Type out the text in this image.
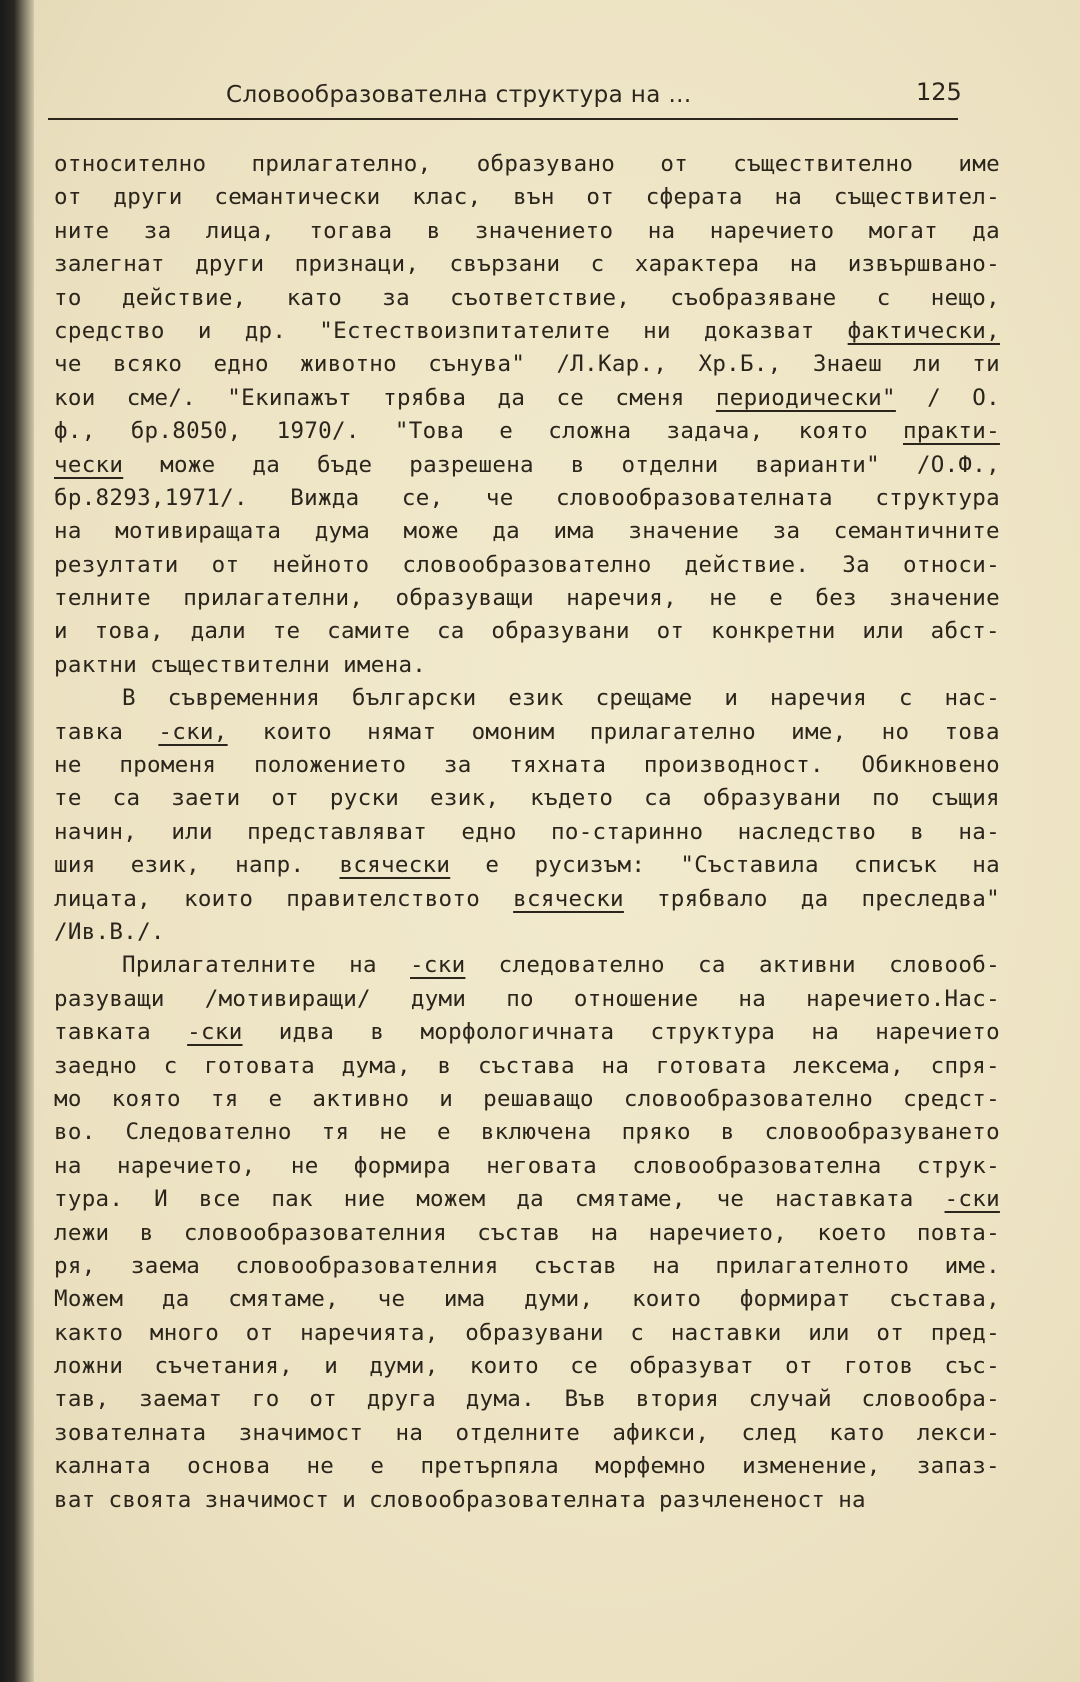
Словообразователна структура на ...	125
относително прилагателно, образувано от съществително име
от други семантически клас, вън от сферата на съществител-
ните за лица, тогава в значението на наречието могат да
залегнат други признаци, свързани с характера на извършвано-
то действие, като за съответствие, съобразяване с нещо,
средство и др. "Естествоизпитателите ни доказват фактически,
че всяко едно животно сънува" /Л.Кар., Хр.Б., Знаеш ли ти
кои сме/. "Екипажът трябва да се сменя периодически" / О.
ф., бр.8050, 1970/. "Това е сложна задача, която практи-
чески може да бъде разрешена в отделни варианти" /О.Ф.,
бр.8293,1971/. Вижда се, че словообразователната структура
на мотивиращата дума може да има значение за семантичните
резултати от нейното словообразователно действие. За относи-
телните прилагателни, образуващи наречия, не е без значение
и това, дали те самите са образувани от конкретни или абст-
рактни съществителни имена.
В съвременния български език срещаме и наречия с нас-
тавка -ски, които нямат омоним прилагателно име, но това
не променя положението за тяхната производност. Обикновено
те са заети от руски език, където са образувани по същия
начин, или представляват едно по-старинно наследство в на-
шия език, напр. всячески е русизъм: "Съставила списък на
лицата, които правителството всячески трябвало да преследва"
/Ив.В./.
Прилагателните на -ски следователно са активни словооб-
разуващи /мотивиращи/ думи по отношение на наречието.Нас-
тавката -ски идва в морфологичната структура на наречието
заедно с готовата дума, в състава на готовата лексема, спря-
мо която тя е активно и решаващо словообразователно средст-
во. Следователно тя не е включена пряко в словообразуването
на наречието, не формира неговата словообразователна струк-
тура. И все пак ние можем да смятаме, че наставката -ски
лежи в словообразователния състав на наречието, което повта-
ря, заема словообразователния състав на прилагателното име.
Можем да смятаме, че има думи, които формират състава,
както много от наречията, образувани с наставки или от пред-
ложни съчетания, и думи, които се образуват от готов със-
тав, заемат го от друга дума. Във втория случай словообра-
зователната значимост на отделните афикси, след като лекси-
калната основа не е претърпяла морфемно изменение, запаз-
ват своята значимост и словообразователната разчлененост на
